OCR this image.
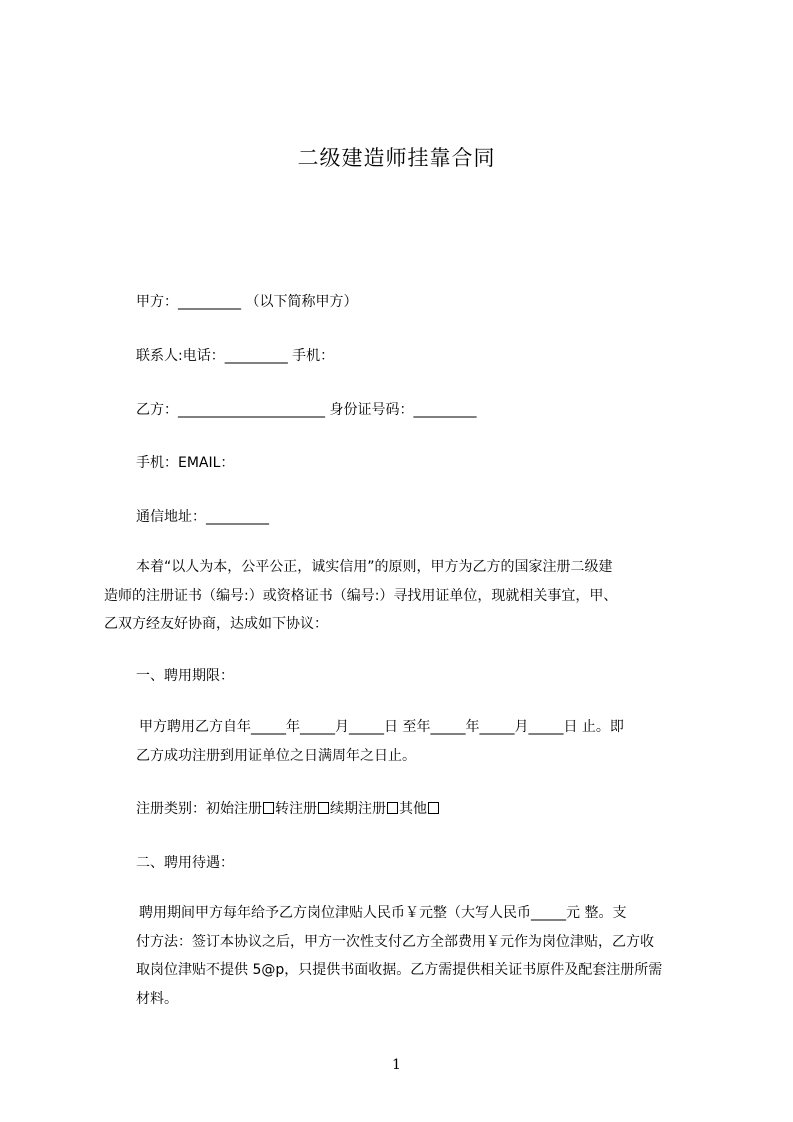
二级建造师挂靠合同
甲方：_________ （以下简称甲方）
联系人:电话：_________ 手机：
乙方：_____________________ 身份证号码：_________
手机：EMAIL：
通信地址：_________
本着“以人为本，公平公正，诚实信用”的原则，甲方为乙方的国家注册二级建
造师的注册证书（编号:）或资格证书（编号:）寻找用证单位，现就相关事宜，甲、
乙双方经友好协商，达成如下协议：
一、聘用期限：
甲方聘用乙方自年_____年_____月_____日 至年_____年_____月_____日 止。即
乙方成功注册到用证单位之日满周年之日止。
注册类别：初始注册 转注册 续期注册 其他
二、聘用待遇：
聘用期间甲方每年给予乙方岗位津贴人民币￥元整（大写人民币_____元 整。支
付方法：签订本协议之后，甲方一次性支付乙方全部费用￥元作为岗位津贴，乙方收
取岗位津贴不提供 5@p，只提供书面收据。乙方需提供相关证书原件及配套注册所需
材料。
1
